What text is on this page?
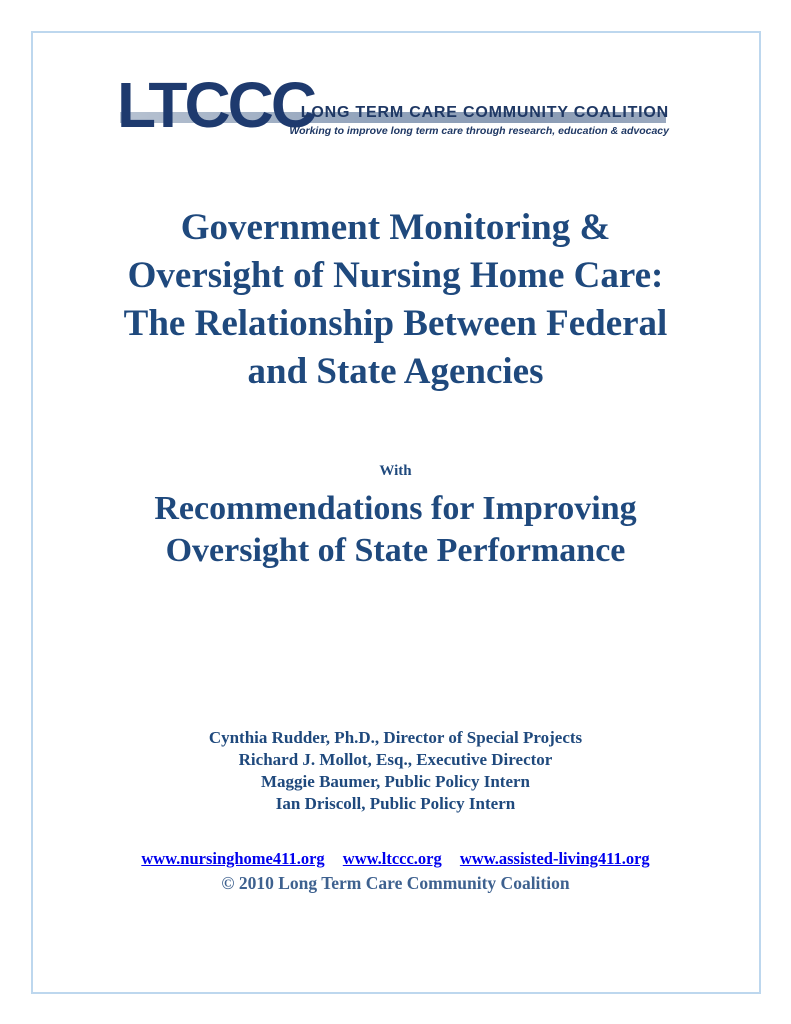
LTCCC
LONG TERM CARE COMMUNITY COALITION
Working to improve long term care through research, education & advocacy
Government Monitoring &
Oversight of Nursing Home Care:
The Relationship Between Federal
and State Agencies
With
Recommendations for Improving
Oversight of State Performance
Cynthia Rudder, Ph.D., Director of Special Projects
Richard J. Mollot, Esq., Executive Director
Maggie Baumer, Public Policy Intern
Ian Driscoll, Public Policy Intern
www.nursinghome411.org www.ltccc.org www.assisted-living411.org
© 2010 Long Term Care Community Coalition
